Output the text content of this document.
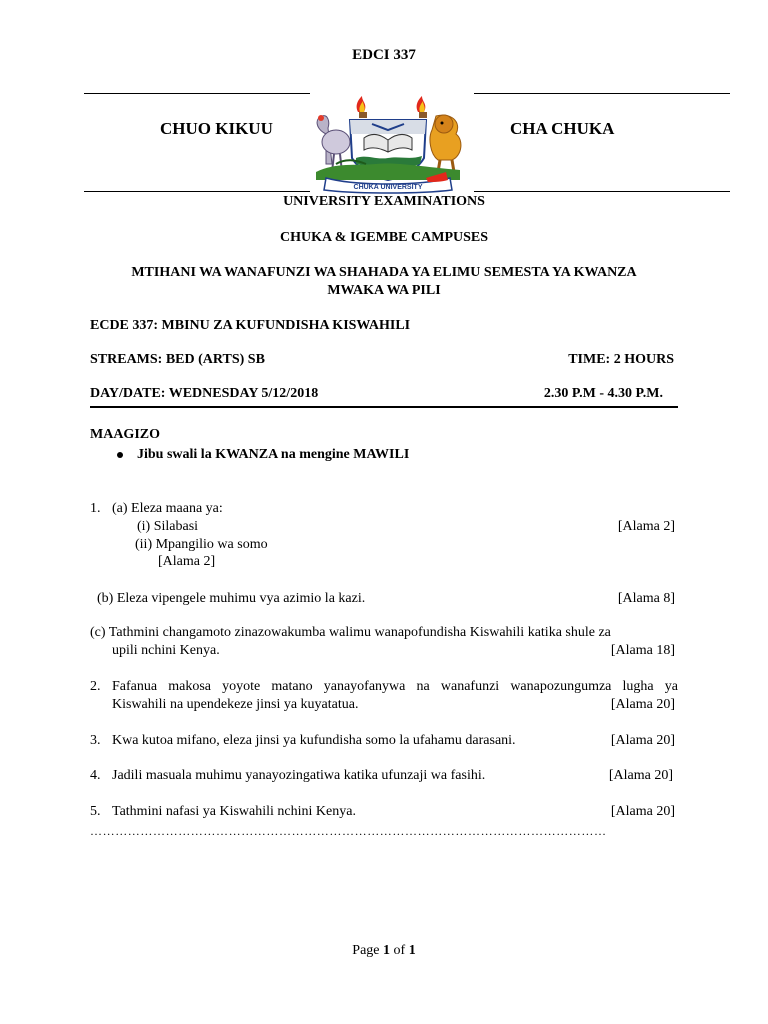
EDCI 337
CHUO KIKUU	CHA CHUKA
CHUKA UNIVERSITY
UNIVERSITY EXAMINATIONS
CHUKA & IGEMBE CAMPUSES
MTIHANI WA WANAFUNZI WA SHAHADA YA ELIMU SEMESTA YA KWANZA
MWAKA WA PILI
ECDE 337: MBINU ZA KUFUNDISHA KISWAHILI
STREAMS: BED (ARTS) SB	TIME: 2 HOURS
DAY/DATE: WEDNESDAY 5/12/2018	2.30 P.M - 4.30 P.M.
MAAGIZO
Jibu swali la KWANZA na mengine MAWILI
1. (a) Eleza maana ya:
(i) Silabasi	[Alama 2]
(ii) Mpangilio wa somo
[Alama 2]
(b) Eleza vipengele muhimu vya azimio la kazi.	[Alama 8]
(c) Tathmini changamoto zinazowakumba walimu wanapofundisha Kiswahili katika shule za
upili nchini Kenya.	[Alama 18]
2. Fafanua makosa yoyote matano yanayofanywa na wanafunzi wanapozungumza lugha ya
Kiswahili na upendekeze jinsi ya kuyatatua.	[Alama 20]
3. Kwa kutoa mifano, eleza jinsi ya kufundisha somo la ufahamu darasani.	[Alama 20]
4. Jadili masuala muhimu yanayozingatiwa katika ufunzaji wa fasihi.	[Alama 20]
5. Tathmini nafasi ya Kiswahili nchini Kenya.	[Alama 20]
……………………………………………………………………………………………………………
Page 1 of 1
